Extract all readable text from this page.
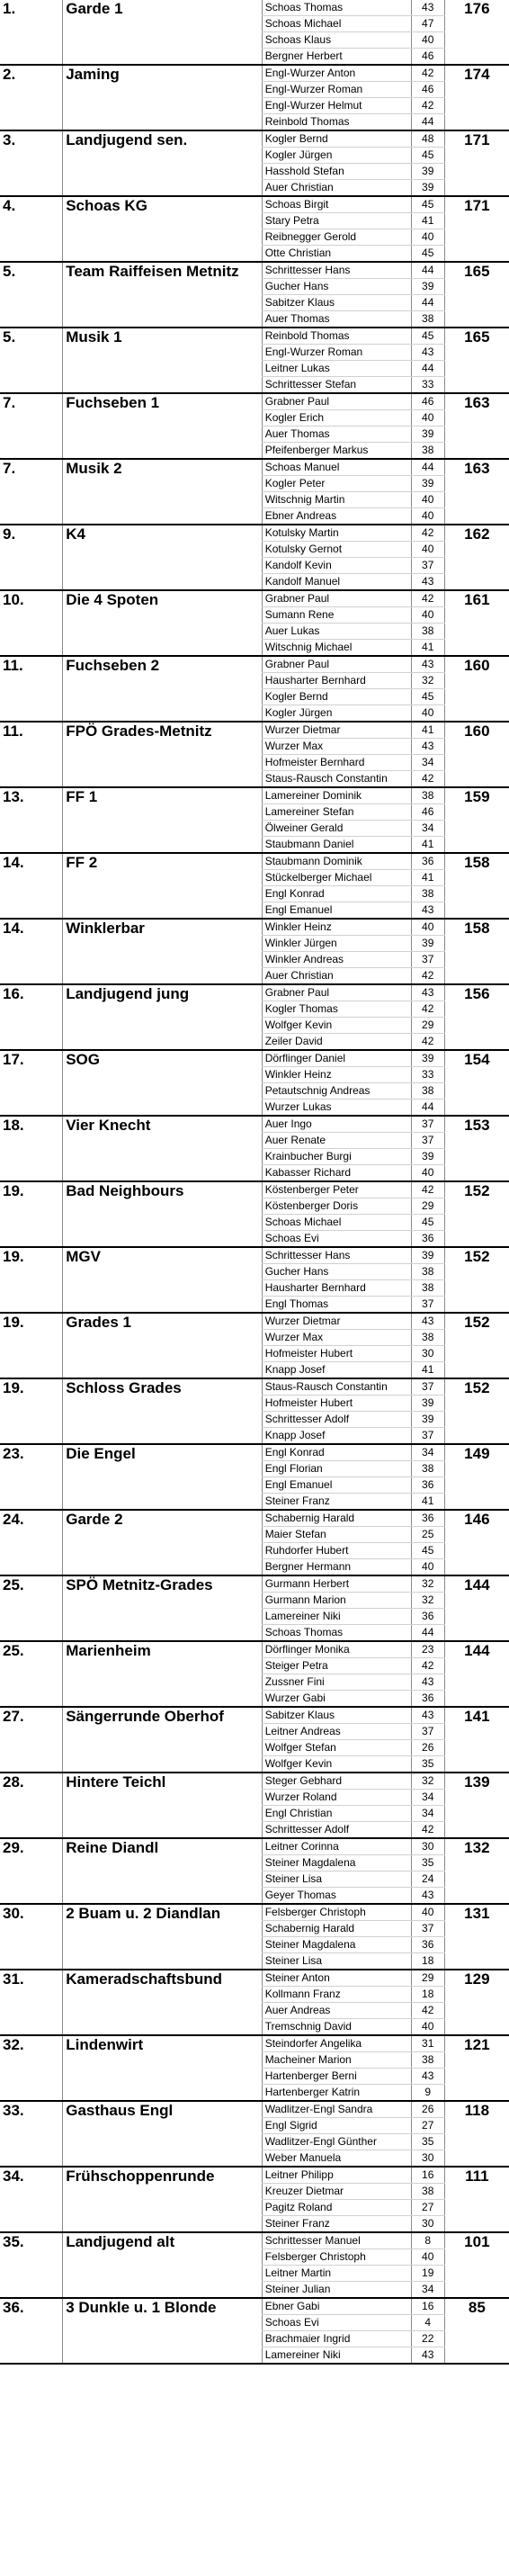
1.	Garde 1	Schoas Thomas	43	176
		Schoas Michael	47	
		Schoas Klaus	40	
		Bergner Herbert	46	
2.	Jaming	Engl-Wurzer Anton	42	174
		Engl-Wurzer Roman	46	
		Engl-Wurzer Helmut	42	
		Reinbold Thomas	44	
3.	Landjugend sen.	Kogler Bernd	48	171
		Kogler Jürgen	45	
		Hasshold Stefan	39	
		Auer Christian	39	
4.	Schoas KG	Schoas Birgit	45	171
		Stary Petra	41	
		Reibnegger Gerold	40	
		Otte Christian	45	
5.	Team Raiffeisen Metnitz	Schrittesser Hans	44	165
		Gucher Hans	39	
		Sabitzer Klaus	44	
		Auer Thomas	38	
5.	Musik 1	Reinbold Thomas	45	165
		Engl-Wurzer Roman	43	
		Leitner Lukas	44	
		Schrittesser Stefan	33	
7.	Fuchseben 1	Grabner Paul	46	163
		Kogler Erich	40	
		Auer Thomas	39	
		Pfeifenberger Markus	38	
7.	Musik 2	Schoas Manuel	44	163
		Kogler Peter	39	
		Witschnig Martin	40	
		Ebner Andreas	40	
9.	K4	Kotulsky Martin	42	162
		Kotulsky Gernot	40	
		Kandolf Kevin	37	
		Kandolf Manuel	43	
10.	Die 4 Spoten	Grabner Paul	42	161
		Sumann Rene	40	
		Auer Lukas	38	
		Witschnig Michael	41	
11.	Fuchseben 2	Grabner Paul	43	160
		Hausharter Bernhard	32	
		Kogler Bernd	45	
		Kogler Jürgen	40	
11.	FPÖ Grades-Metnitz	Wurzer Dietmar	41	160
		Wurzer Max	43	
		Hofmeister Bernhard	34	
		Staus-Rausch Constantin	42	
13.	FF 1	Lamereiner Dominik	38	159
		Lamereiner Stefan	46	
		Ölweiner Gerald	34	
		Staubmann Daniel	41	
14.	FF 2	Staubmann Dominik	36	158
		Stückelberger Michael	41	
		Engl Konrad	38	
		Engl Emanuel	43	
14.	Winklerbar	Winkler Heinz	40	158
		Winkler Jürgen	39	
		Winkler Andreas	37	
		Auer Christian	42	
16.	Landjugend jung	Grabner Paul	43	156
		Kogler Thomas	42	
		Wolfger Kevin	29	
		Zeiler David	42	
17.	SOG	Dörflinger Daniel	39	154
		Winkler Heinz	33	
		Petautschnig Andreas	38	
		Wurzer Lukas	44	
18.	Vier Knecht	Auer Ingo	37	153
		Auer Renate	37	
		Krainbucher Burgi	39	
		Kabasser Richard	40	
19.	Bad Neighbours	Köstenberger Peter	42	152
		Köstenberger Doris	29	
		Schoas Michael	45	
		Schoas Evi	36	
19.	MGV	Schrittesser Hans	39	152
		Gucher Hans	38	
		Hausharter Bernhard	38	
		Engl Thomas	37	
19.	Grades 1	Wurzer Dietmar	43	152
		Wurzer Max	38	
		Hofmeister Hubert	30	
		Knapp Josef	41	
19.	Schloss Grades	Staus-Rausch Constantin	37	152
		Hofmeister Hubert	39	
		Schrittesser Adolf	39	
		Knapp Josef	37	
23.	Die Engel	Engl Konrad	34	149
		Engl Florian	38	
		Engl Emanuel	36	
		Steiner Franz	41	
24.	Garde 2	Schabernig Harald	36	146
		Maier Stefan	25	
		Ruhdorfer Hubert	45	
		Bergner Hermann	40	
25.	SPÖ Metnitz-Grades	Gurmann Herbert	32	144
		Gurmann Marion	32	
		Lamereiner Niki	36	
		Schoas Thomas	44	
25.	Marienheim	Dörflinger Monika	23	144
		Steiger Petra	42	
		Zussner Fini	43	
		Wurzer Gabi	36	
27.	Sängerrunde Oberhof	Sabitzer Klaus	43	141
		Leitner Andreas	37	
		Wolfger Stefan	26	
		Wolfger Kevin	35	
28.	Hintere Teichl	Steger Gebhard	32	139
		Wurzer Roland	34	
		Engl Christian	34	
		Schrittesser Adolf	42	
29.	Reine Diandl	Leitner Corinna	30	132
		Steiner Magdalena	35	
		Steiner Lisa	24	
		Geyer Thomas	43	
30.	2 Buam u. 2 Diandlan	Felsberger Christoph	40	131
		Schabernig Harald	37	
		Steiner Magdalena	36	
		Steiner Lisa	18	
31.	Kameradschaftsbund	Steiner Anton	29	129
		Kollmann Franz	18	
		Auer Andreas	42	
		Tremschnig David	40	
32.	Lindenwirt	Steindorfer Angelika	31	121
		Macheiner Marion	38	
		Hartenberger Berni	43	
		Hartenberger Katrin	9	
33.	Gasthaus Engl	Wadlitzer-Engl Sandra	26	118
		Engl Sigrid	27	
		Wadlitzer-Engl Günther	35	
		Weber Manuela	30	
34.	Frühschoppenrunde	Leitner Philipp	16	111
		Kreuzer Dietmar	38	
		Pagitz Roland	27	
		Steiner Franz	30	
35.	Landjugend alt	Schrittesser Manuel	8	101
		Felsberger Christoph	40	
		Leitner Martin	19	
		Steiner Julian	34	
36.	3 Dunkle u. 1 Blonde	Ebner Gabi	16	85
		Schoas Evi	4	
		Brachmaier Ingrid	22	
		Lamereiner Niki	43	
